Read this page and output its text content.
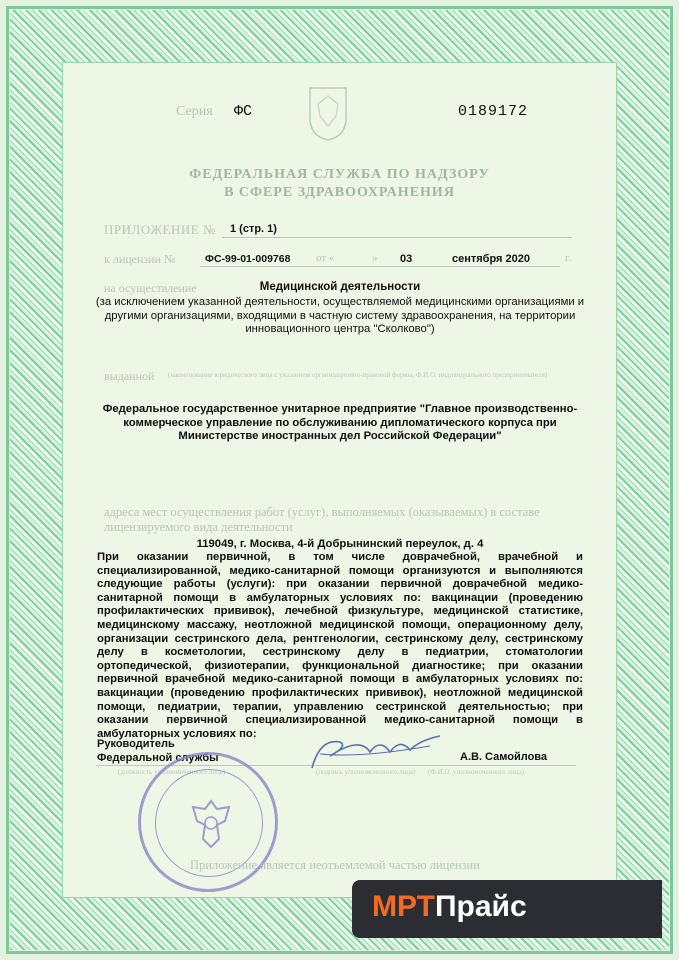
Серия ФС	0189172
ФЕДЕРАЛЬНАЯ СЛУЖБА ПО НАДЗОРУ
В СФЕРЕ ЗДРАВООХРАНЕНИЯ
ПРИЛОЖЕНИЕ № 1 (стр. 1)
к лицензии №	ФС-99-01-009768 от «	» 03	сентября 2020	г.
на осуществление	Медицинской деятельности
(за исключением указанной деятельности, осуществляемой медицинскими организациями и другими организациями, входящими в частную систему здравоохранения, на территории инновационного центра "Сколково")
выданной (наименование юридического лица с указанием организационно-правовой формы, Ф.И.О. индивидуального предпринимателя)
Федеральное государственное унитарное предприятие "Главное производственно-коммерческое управление по обслуживанию дипломатического корпуса при Министерстве иностранных дел Российской Федерации"
адреса мест осуществления работ (услуг), выполняемых (оказываемых) в составе лицензируемого вида деятельности
119049, г. Москва, 4-й Добрынинский переулок, д. 4
При оказании первичной, в том числе доврачебной, врачебной и специализированной, медико-санитарной помощи организуются и выполняются следующие работы (услуги): при оказании первичной доврачебной медико-санитарной помощи в амбулаторных условиях по: вакцинации (проведению профилактических прививок), лечебной физкультуре, медицинской статистике, медицинскому массажу, неотложной медицинской помощи, операционному делу, организации сестринского дела, рентгенологии, сестринскому делу, сестринскому делу в косметологии, сестринскому делу в педиатрии, стоматологии ортопедической, физиотерапии, функциональной диагностике; при оказании первичной врачебной медико-санитарной помощи в амбулаторных условиях по: вакцинации (проведению профилактических прививок), неотложной медицинской помощи, педиатрии, терапии, управлению сестринской деятельностью; при оказании первичной специализированной медико-санитарной помощи в амбулаторных условиях по:
Руководитель
Федеральной службы
(должность уполномоченного лица)	(подпись уполномоченного лица)
А.В. Самойлова
(Ф.И.О. уполномоченного лица)
Приложение является неотъемлемой частью лицензии
МРТПрайс
